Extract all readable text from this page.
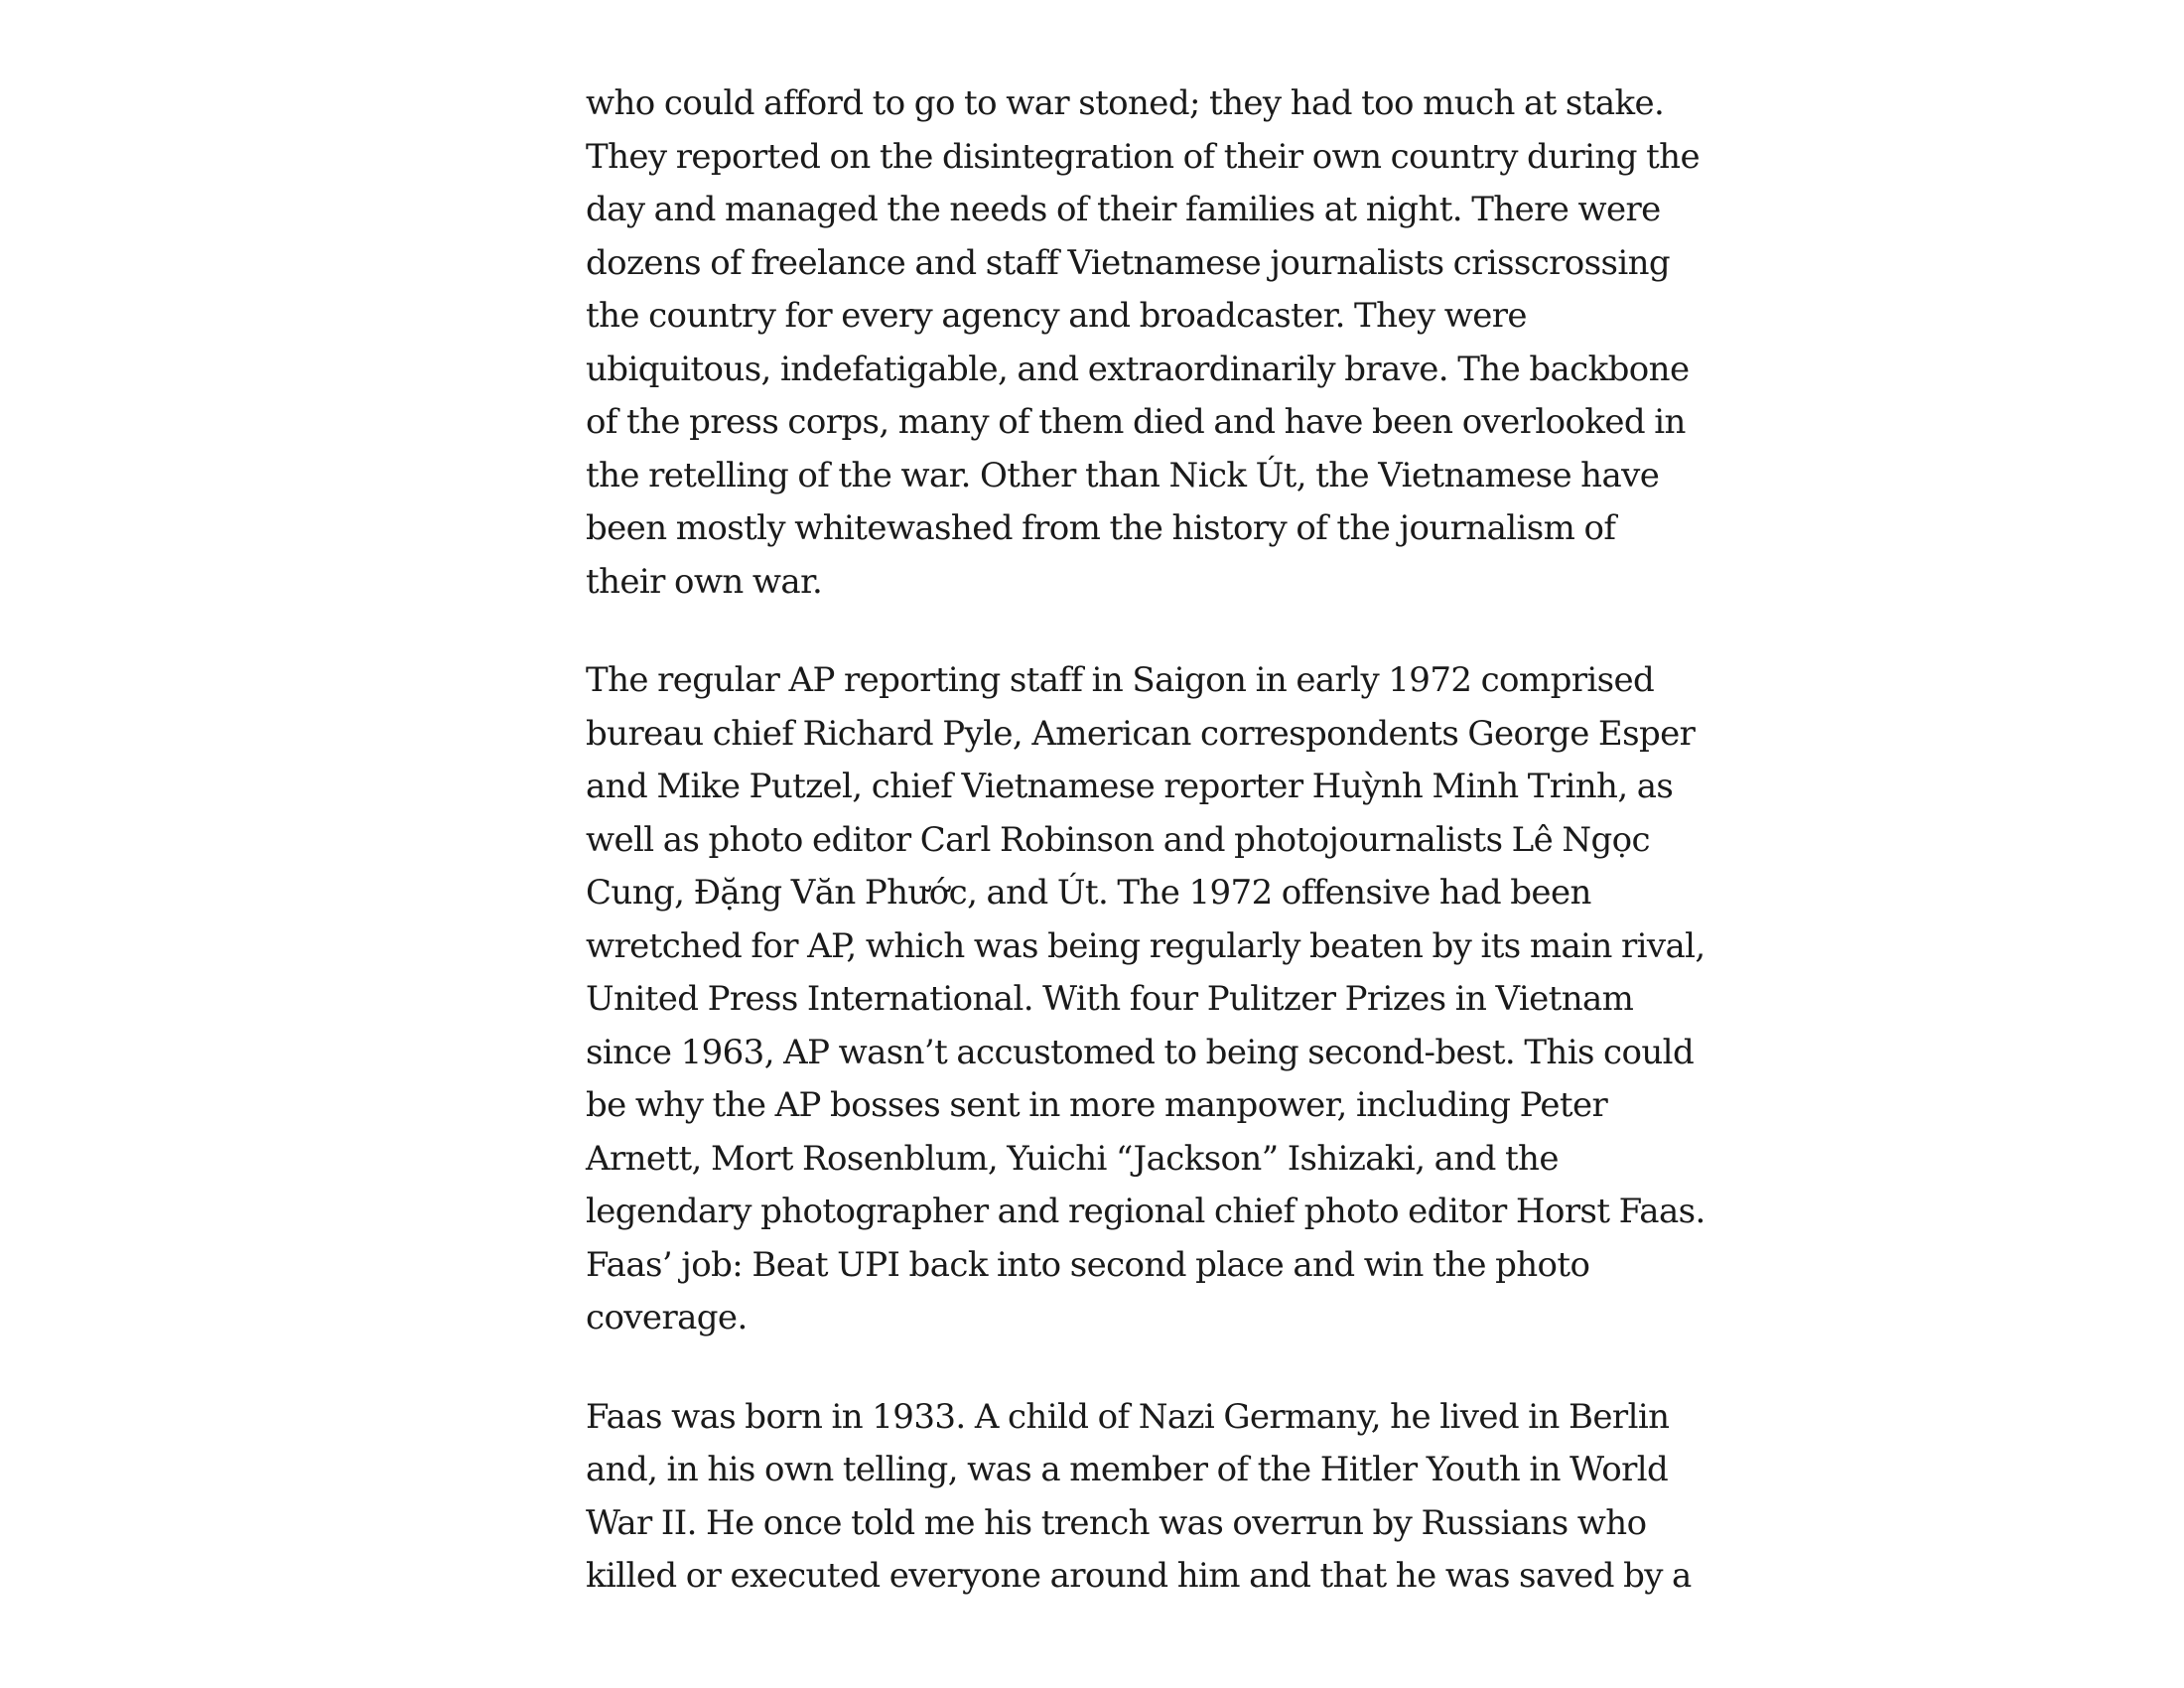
who could afford to go to war stoned; they had too much at stake.
They reported on the disintegration of their own country during the
day and managed the needs of their families at night. There were
dozens of freelance and staff Vietnamese journalists crisscrossing
the country for every agency and broadcaster. They were
ubiquitous, indefatigable, and extraordinarily brave. The backbone
of the press corps, many of them died and have been overlooked in
the retelling of the war. Other than Nick Út, the Vietnamese have
been mostly whitewashed from the history of the journalism of
their own war.

The regular AP reporting staff in Saigon in early 1972 comprised
bureau chief Richard Pyle, American correspondents George Esper
and Mike Putzel, chief Vietnamese reporter Huỳnh Minh Trinh, as
well as photo editor Carl Robinson and photojournalists Lê Ngọc
Cung, Đặng Văn Phước, and Út. The 1972 offensive had been
wretched for AP, which was being regularly beaten by its main rival,
United Press International. With four Pulitzer Prizes in Vietnam
since 1963, AP wasn’t accustomed to being second-best. This could
be why the AP bosses sent in more manpower, including Peter
Arnett, Mort Rosenblum, Yuichi “Jackson” Ishizaki, and the
legendary photographer and regional chief photo editor Horst Faas.
Faas’ job: Beat UPI back into second place and win the photo
coverage.

Faas was born in 1933. A child of Nazi Germany, he lived in Berlin
and, in his own telling, was a member of the Hitler Youth in World
War II. He once told me his trench was overrun by Russians who
killed or executed everyone around him and that he was saved by a
